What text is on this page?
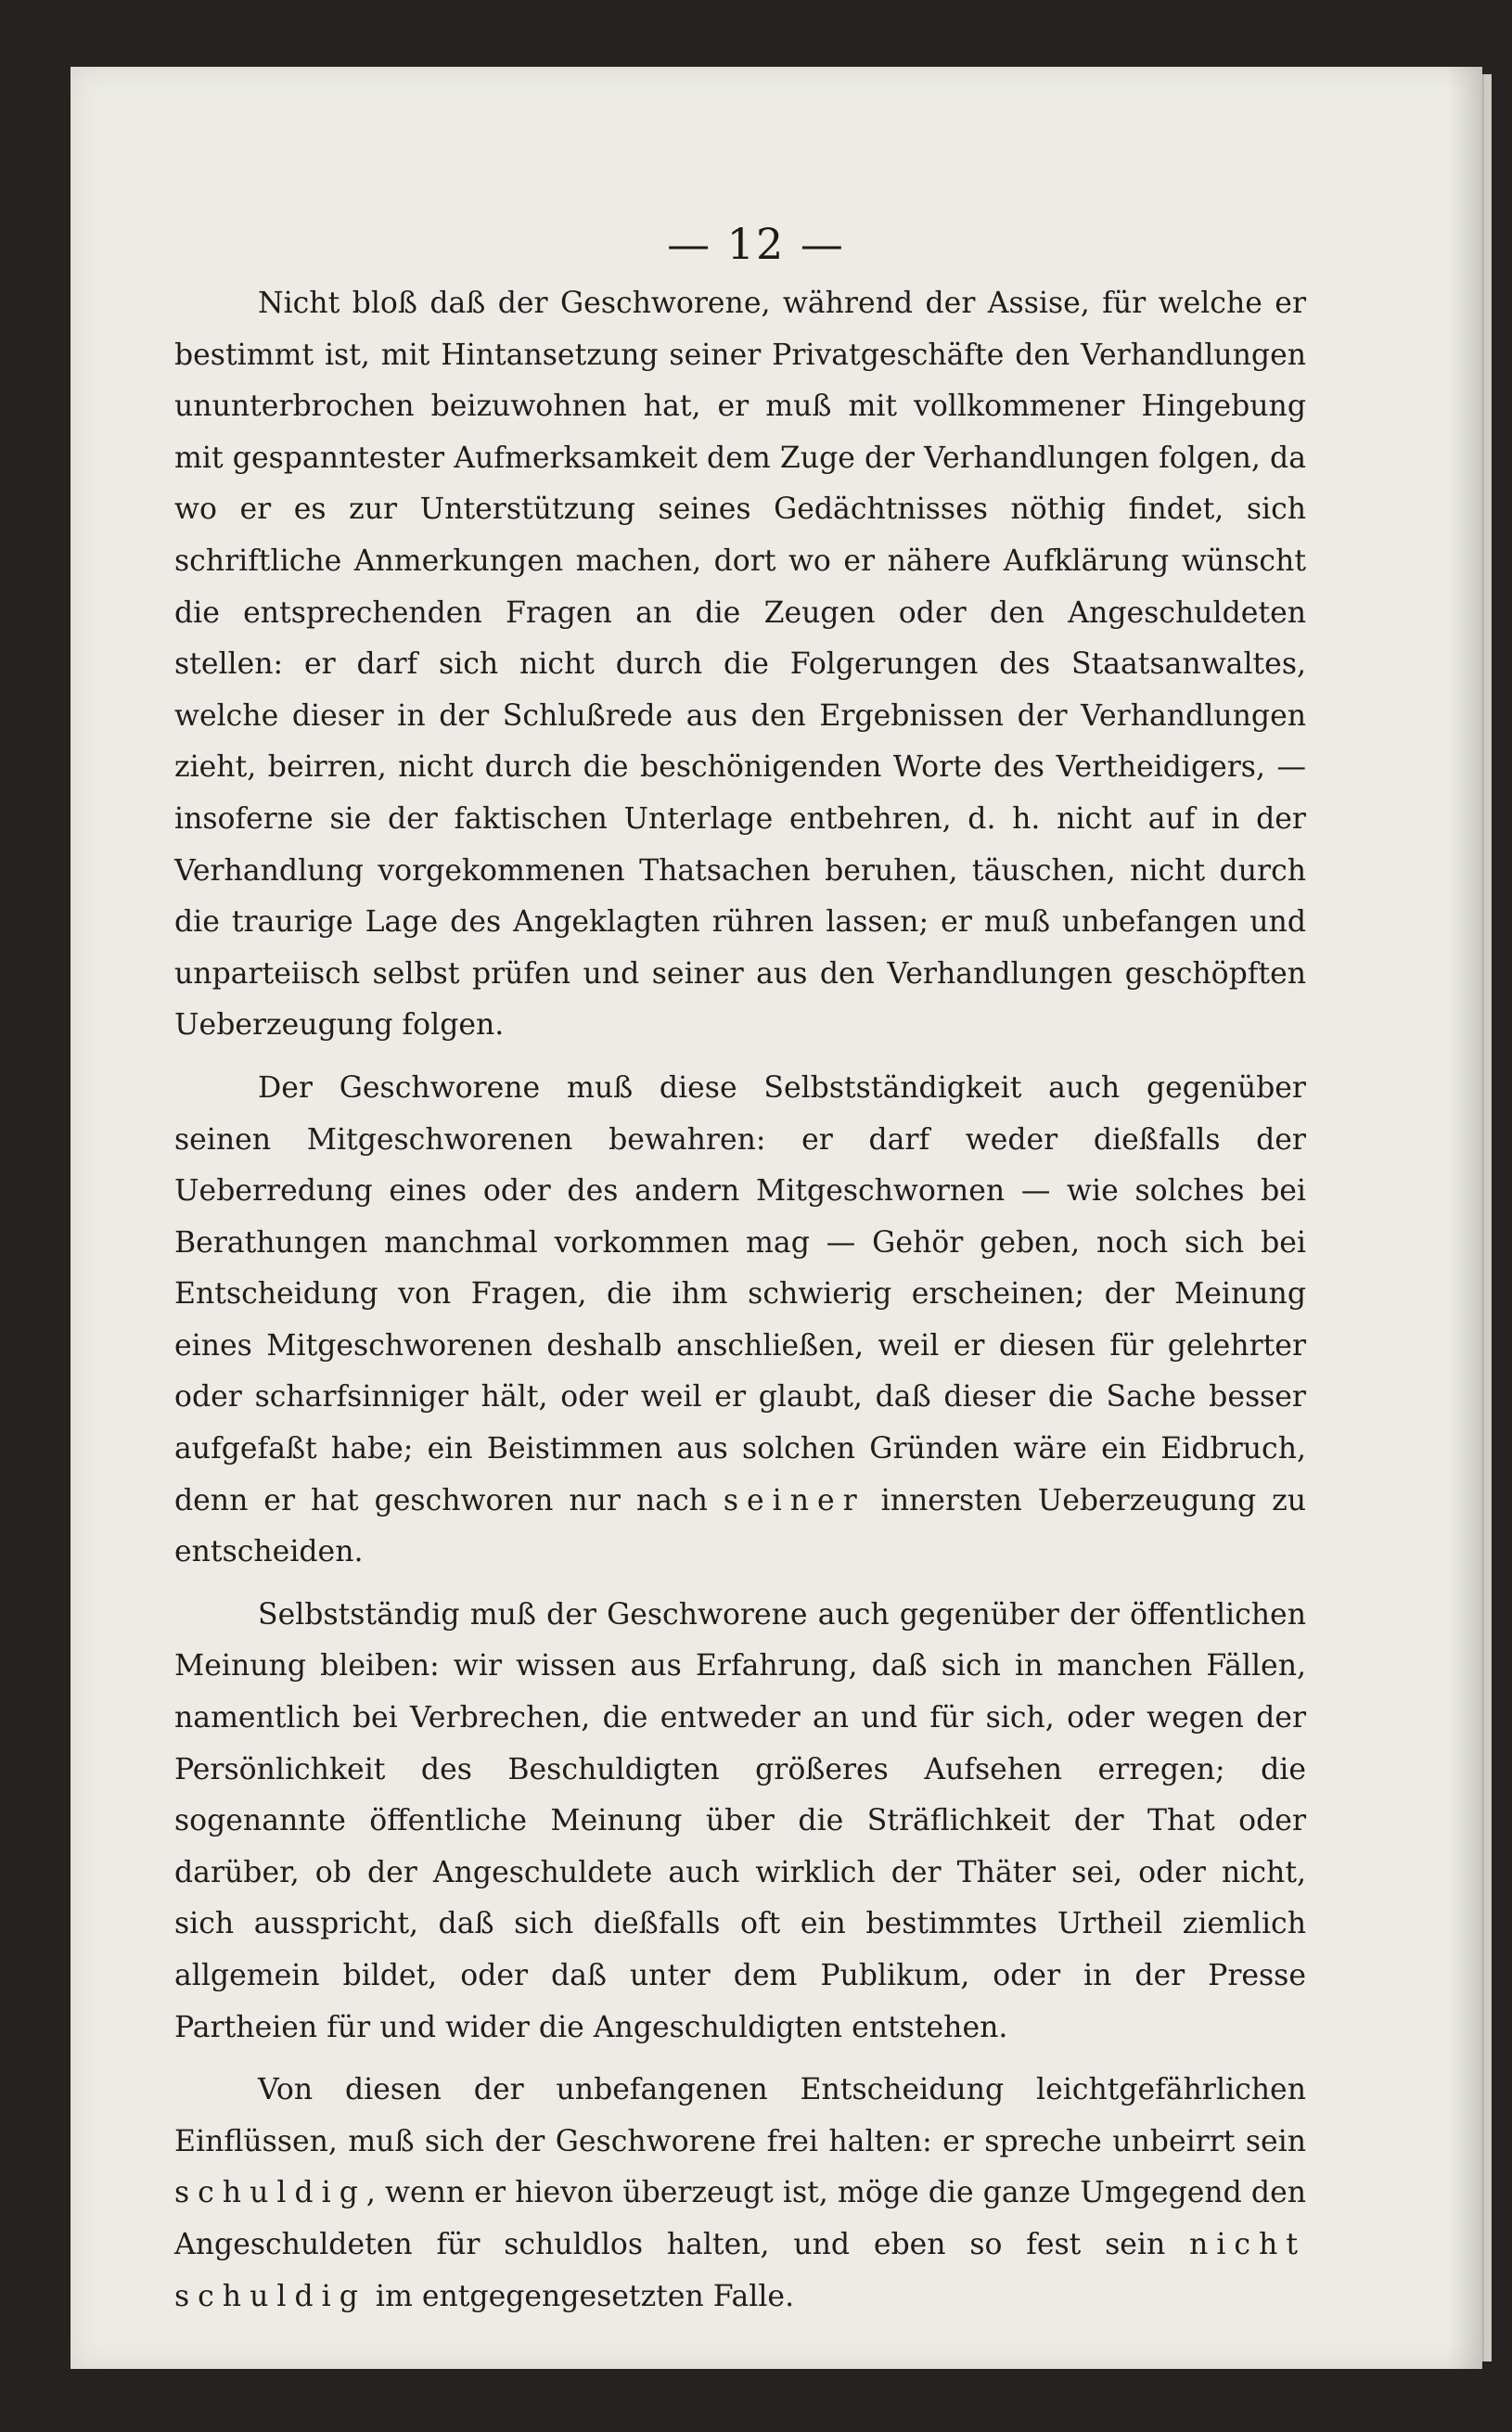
— 12 —

Nicht bloß daß der Geschworene, während der Assise, für welche er bestimmt ist, mit Hintansetzung seiner Privatgeschäfte den Verhandlungen ununterbrochen beizuwohnen hat, er muß mit vollkommener Hingebung mit gespanntester Aufmerksamkeit dem Zuge der Verhandlungen folgen, da wo er es zur Unterstützung seines Gedächtnisses nöthig findet, sich schriftliche Anmerkungen machen, dort wo er nähere Aufklärung wünscht die entsprechenden Fragen an die Zeugen oder den Angeschuldeten stellen: er darf sich nicht durch die Folgerungen des Staatsanwaltes, welche dieser in der Schlußrede aus den Ergebnissen der Verhandlungen zieht, beirren, nicht durch die beschönigenden Worte des Vertheidigers, — insoferne sie der faktischen Unterlage entbehren, d. h. nicht auf in der Verhandlung vorgekommenen Thatsachen beruhen, täuschen, nicht durch die traurige Lage des Angeklagten rühren lassen; er muß unbefangen und unparteiisch selbst prüfen und seiner aus den Verhandlungen geschöpften Ueberzeugung folgen.

Der Geschworene muß diese Selbstständigkeit auch gegenüber seinen Mitgeschworenen bewahren: er darf weder dießfalls der Ueberredung eines oder des andern Mitgeschwornen — wie solches bei Berathungen manchmal vorkommen mag — Gehör geben, noch sich bei Entscheidung von Fragen, die ihm schwierig erscheinen; der Meinung eines Mitgeschworenen deshalb anschließen, weil er diesen für gelehrter oder scharfsinniger hält, oder weil er glaubt, daß dieser die Sache besser aufgefaßt habe; ein Beistimmen aus solchen Gründen wäre ein Eidbruch, denn er hat geschworen nur nach seiner innersten Ueberzeugung zu entscheiden.

Selbstständig muß der Geschworene auch gegenüber der öffentlichen Meinung bleiben: wir wissen aus Erfahrung, daß sich in manchen Fällen, namentlich bei Verbrechen, die entweder an und für sich, oder wegen der Persönlichkeit des Beschuldigten größeres Aufsehen erregen; die sogenannte öffentliche Meinung über die Sträflichkeit der That oder darüber, ob der Angeschuldete auch wirklich der Thäter sei, oder nicht, sich ausspricht, daß sich dießfalls oft ein bestimmtes Urtheil ziemlich allgemein bildet, oder daß unter dem Publikum, oder in der Presse Partheien für und wider die Angeschuldigten entstehen.

Von diesen der unbefangenen Entscheidung leichtgefährlichen Einflüssen, muß sich der Geschworene frei halten: er spreche unbeirrt sein schuldig, wenn er hievon überzeugt ist, möge die ganze Umgegend den Angeschuldeten für schuldlos halten, und eben so fest sein nicht schuldig im entgegengesetzten Falle.
